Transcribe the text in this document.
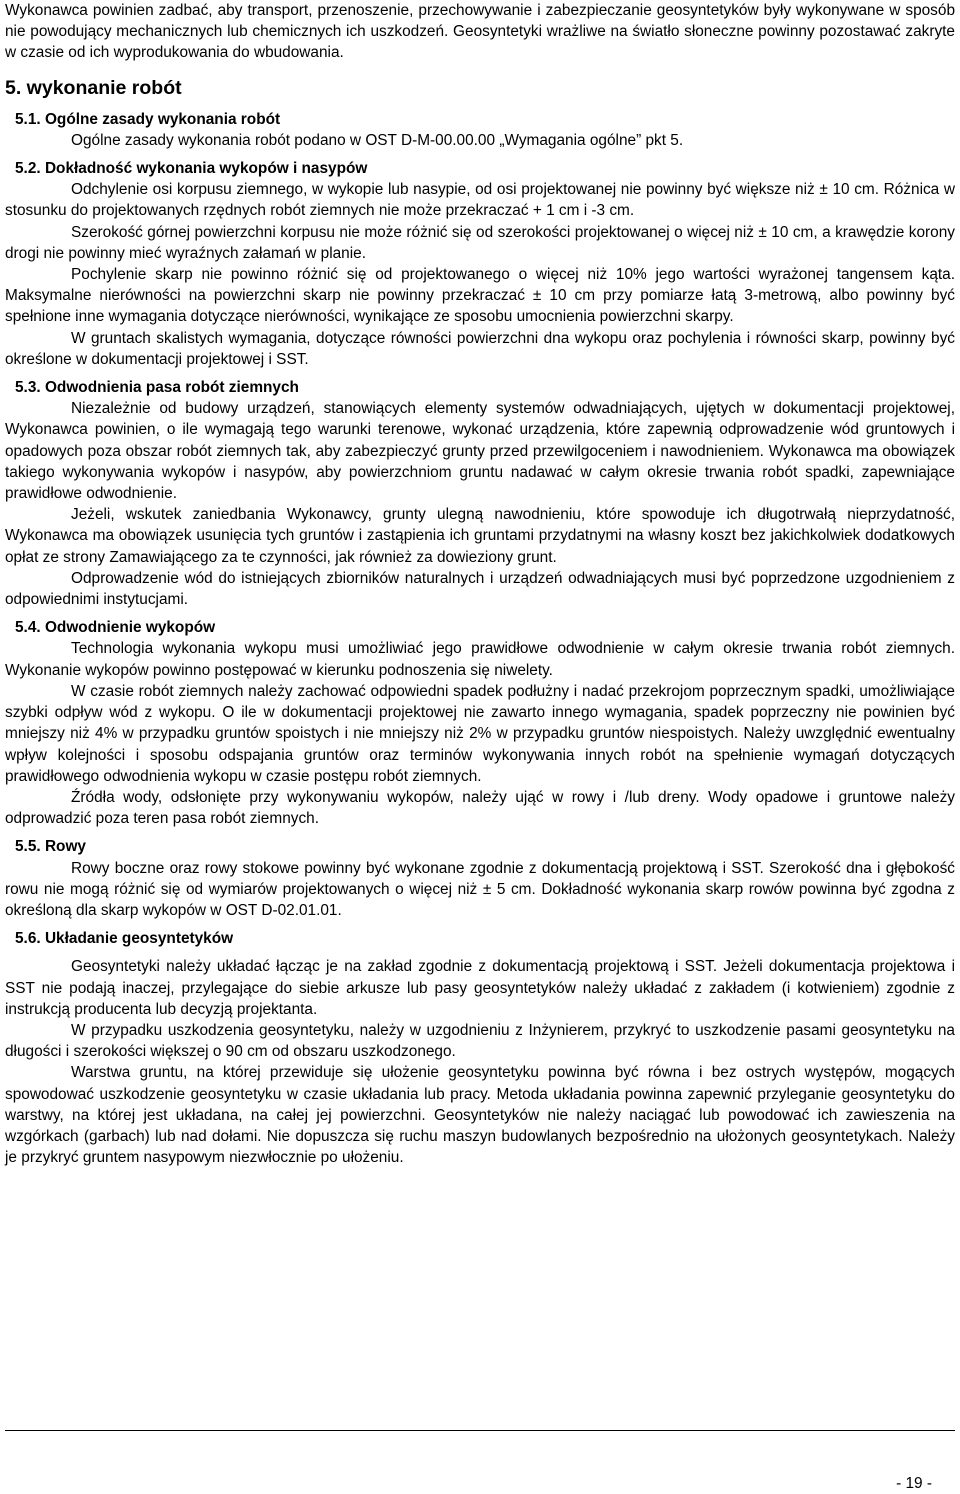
Wykonawca powinien zadbać, aby transport, przenoszenie, przechowywanie i zabezpieczanie geosyntetyków były wykonywane w sposób nie powodujący mechanicznych lub chemicznych ich uszkodzeń. Geosyntetyki wrażliwe na światło słoneczne powinny pozostawać zakryte w czasie od ich wyprodukowania do wbudowania.

5. wykonanie robót
5.1. Ogólne zasady wykonania robót

Ogólne zasady wykonania robót podano w OST D-M-00.00.00 „Wymagania ogólne” pkt 5.

5.2. Dokładność wykonania wykopów i nasypów

Odchylenie osi korpusu ziemnego, w wykopie lub nasypie, od osi projektowanej nie powinny być większe niż ± 10 cm. Różnica w stosunku do projektowanych rzędnych robót ziemnych nie może przekraczać + 1 cm i -3 cm.

Szerokość górnej powierzchni korpusu nie może różnić się od szerokości projektowanej o więcej niż ± 10 cm, a krawędzie korony drogi nie powinny mieć wyraźnych załamań w planie.

Pochylenie skarp nie powinno różnić się od projektowanego o więcej niż 10% jego wartości wyrażonej tangensem kąta. Maksymalne nierówności na powierzchni skarp nie powinny przekraczać ± 10 cm przy pomiarze łatą 3-metrową, albo powinny być spełnione inne wymagania dotyczące nierówności, wynikające ze sposobu umocnienia powierzchni skarpy.

W gruntach skalistych wymagania, dotyczące równości powierzchni dna wykopu oraz pochylenia i równości skarp, powinny być określone w dokumentacji projektowej i SST.

5.3. Odwodnienia pasa robót ziemnych

Niezależnie od budowy urządzeń, stanowiących elementy systemów odwadniających, ujętych w dokumentacji projektowej, Wykonawca powinien, o ile wymagają tego warunki terenowe, wykonać urządzenia, które zapewnią odprowadzenie wód gruntowych i opadowych poza obszar robót ziemnych tak, aby zabezpieczyć grunty przed przewilgoceniem i nawodnieniem. Wykonawca ma obowiązek takiego wykonywania wykopów i nasypów, aby powierzchniom gruntu nadawać w całym okresie trwania robót spadki, zapewniające prawidłowe odwodnienie.

Jeżeli, wskutek zaniedbania Wykonawcy, grunty ulegną nawodnieniu, które spowoduje ich długotrwałą nieprzydatność, Wykonawca ma obowiązek usunięcia tych gruntów i zastąpienia ich gruntami przydatnymi na własny koszt bez jakichkolwiek dodatkowych opłat ze strony Zamawiającego za te czynności, jak również za dowieziony grunt.

Odprowadzenie wód do istniejących zbiorników naturalnych i urządzeń odwadniających musi być poprzedzone uzgodnieniem z odpowiednimi instytucjami.

5.4. Odwodnienie wykopów

Technologia wykonania wykopu musi umożliwiać jego prawidłowe odwodnienie w całym okresie trwania robót ziemnych. Wykonanie wykopów powinno postępować w kierunku podnoszenia się niwelety.

W czasie robót ziemnych należy zachować odpowiedni spadek podłużny i nadać przekrojom poprzecznym spadki, umożliwiające szybki odpływ wód z wykopu. O ile w dokumentacji projektowej nie zawarto innego wymagania, spadek poprzeczny nie powinien być mniejszy niż 4% w przypadku gruntów spoistych i nie mniejszy niż 2% w przypadku gruntów niespoistych. Należy uwzględnić ewentualny wpływ kolejności i sposobu odspajania gruntów oraz terminów wykonywania innych robót na spełnienie wymagań dotyczących prawidłowego odwodnienia wykopu w czasie postępu robót ziemnych.

Źródła wody, odsłonięte przy wykonywaniu wykopów, należy ująć w rowy i /lub dreny. Wody opadowe i gruntowe należy odprowadzić poza teren pasa robót ziemnych.

5.5. Rowy

Rowy boczne oraz rowy stokowe powinny być wykonane zgodnie z dokumentacją projektową i SST. Szerokość dna i głębokość rowu nie mogą różnić się od wymiarów projektowanych o więcej niż ± 5 cm. Dokładność wykonania skarp rowów powinna być zgodna z określoną dla skarp wykopów w OST D-02.01.01.

5.6. Układanie geosyntetyków

Geosyntetyki należy układać łącząc je na zakład zgodnie z dokumentacją projektową i SST. Jeżeli dokumentacja projektowa i SST nie podają inaczej, przylegające do siebie arkusze lub pasy geosyntetyków należy układać z zakładem (i kotwieniem) zgodnie z instrukcją producenta lub decyzją projektanta.

W przypadku uszkodzenia geosyntetyku, należy w uzgodnieniu z Inżynierem, przykryć to uszkodzenie pasami geosyntetyku na długości i szerokości większej o 90 cm od obszaru uszkodzonego.

Warstwa gruntu, na której przewiduje się ułożenie geosyntetyku powinna być równa i bez ostrych występów, mogących spowodować uszkodzenie geosyntetyku w czasie układania lub pracy. Metoda układania powinna zapewnić przyleganie geosyntetyku do warstwy, na której jest układana, na całej jej powierzchni. Geosyntetyków nie należy naciągać lub powodować ich zawieszenia na wzgórkach (garbach) lub nad dołami. Nie dopuszcza się ruchu maszyn budowlanych bezpośrednio na ułożonych geosyntetykach. Należy je przykryć gruntem nasypowym niezwłocznie po ułożeniu.

- 19 -
